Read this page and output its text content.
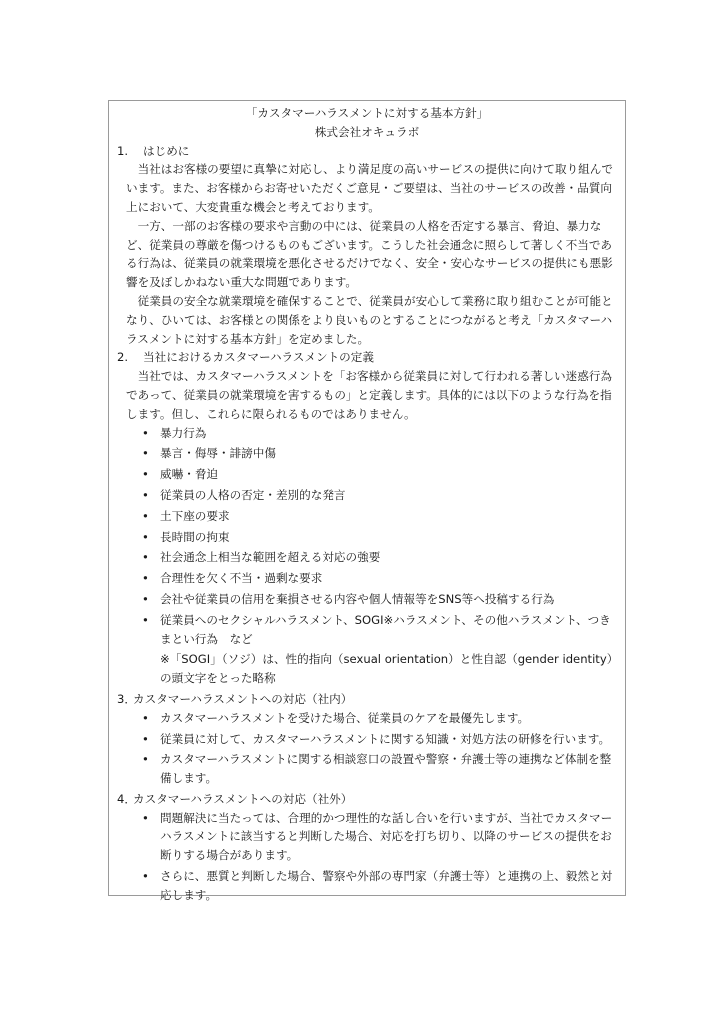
「カスタマーハラスメントに対する基本方針」

株式会社オキュラボ

1.	はじめに

当社はお客様の要望に真摯に対応し、より満足度の高いサービスの提供に向けて取り組んでいます。また、お客様からお寄せいただくご意見・ご要望は、当社のサービスの改善・品質向上において、大変貴重な機会と考えております。

一方、一部のお客様の要求や言動の中には、従業員の人格を否定する暴言、脅迫、暴力など、従業員の尊厳を傷つけるものもございます。こうした社会通念に照らして著しく不当である行為は、従業員の就業環境を悪化させるだけでなく、安全・安心なサービスの提供にも悪影響を及ぼしかねない重大な問題であります。

従業員の安全な就業環境を確保することで、従業員が安心して業務に取り組むことが可能となり、ひいては、お客様との関係をより良いものとすることにつながると考え「カスタマーハラスメントに対する基本方針」を定めました。

2.	当社におけるカスタマーハラスメントの定義

当社では、カスタマーハラスメントを「お客様から従業員に対して行われる著しい迷惑行為であって、従業員の就業環境を害するもの」と定義します。具体的には以下のような行為を指します。但し、これらに限られるものではありません。

• 暴力行為
• 暴言・侮辱・誹謗中傷
• 威嚇・脅迫
• 従業員の人格の否定・差別的な発言
• 土下座の要求
• 長時間の拘束
• 社会通念上相当な範囲を超える対応の強要
• 合理性を欠く不当・過剰な要求
• 会社や従業員の信用を棄損させる内容や個人情報等をSNS等へ投稿する行為
• 従業員へのセクシャルハラスメント、SOGI※ハラスメント、その他ハラスメント、つきまとい行為　など

※「SOGI」（ソジ）は、性的指向（sexual orientation）と性自認（gender identity）の頭文字をとった略称

3．
カスタマーハラスメントへの対応（社内）
• カスタマーハラスメントを受けた場合、従業員のケアを最優先します。
• 従業員に対して、カスタマーハラスメントに関する知識・対処方法の研修を行います。
• カスタマーハラスメントに関する相談窓口の設置や警察・弁護士等の連携など体制を整備します。
4．
カスタマーハラスメントへの対応（社外）
• 問題解決に当たっては、合理的かつ理性的な話し合いを行いますが、当社でカスタマーハラスメントに該当すると判断した場合、対応を打ち切り、以降のサービスの提供をお断りする場合があります。
• さらに、悪質と判断した場合、警察や外部の専門家（弁護士等）と連携の上、毅然と対応します。
